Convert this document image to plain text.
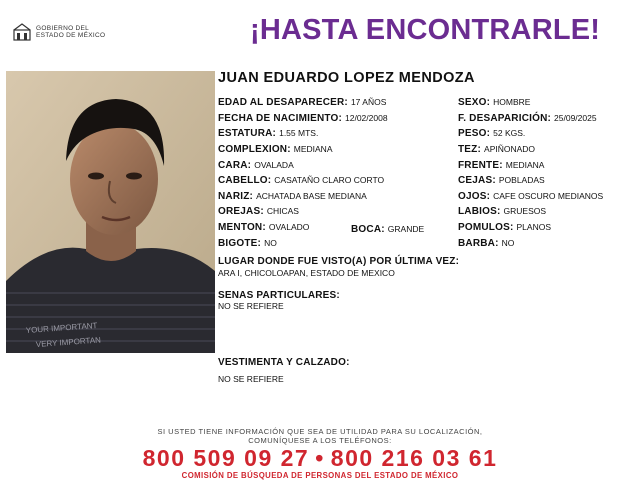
GOBIERNO DEL
ESTADO DE MÉXICO	¡HASTA ENCONTRARLE!
YOUR IMPORTANT
VERY IMPORTAN
JUAN EDUARDO LOPEZ MENDOZA
EDAD AL DESAPARECER: 17 AÑOS
FECHA DE NACIMIENTO: 12/02/2008
ESTATURA: 1.55 MTS.
COMPLEXION: MEDIANA
CARA: OVALADA
CABELLO: CASATAÑO CLARO CORTO
NARIZ: ACHATADA BASE MEDIANA
OREJAS: CHICAS
MENTON: OVALADO	BOCA: GRANDE
BIGOTE: NO
SEXO: HOMBRE
F. DESAPARICIÓN: 25/09/2025
PESO: 52 KGS.
TEZ: APIÑONADO
FRENTE: MEDIANA
CEJAS: POBLADAS
OJOS: CAFE OSCURO MEDIANOS
LABIOS: GRUESOS
POMULOS: PLANOS
BARBA: NO
LUGAR DONDE FUE VISTO(A) POR ÚLTIMA VEZ:
ARA I, CHICOLOAPAN, ESTADO DE MEXICO
SENAS PARTICULARES:
NO SE REFIERE
VESTIMENTA Y CALZADO:
NO SE REFIERE
SI USTED TIENE INFORMACIÓN QUE SEA DE UTILIDAD PARA SU LOCALIZACIÓN,
COMUNÍQUESE A LOS TELÉFONOS:
800 509 09 27 • 800 216 03 61
COMISIÓN DE BÚSQUEDA DE PERSONAS DEL ESTADO DE MÉXICO
